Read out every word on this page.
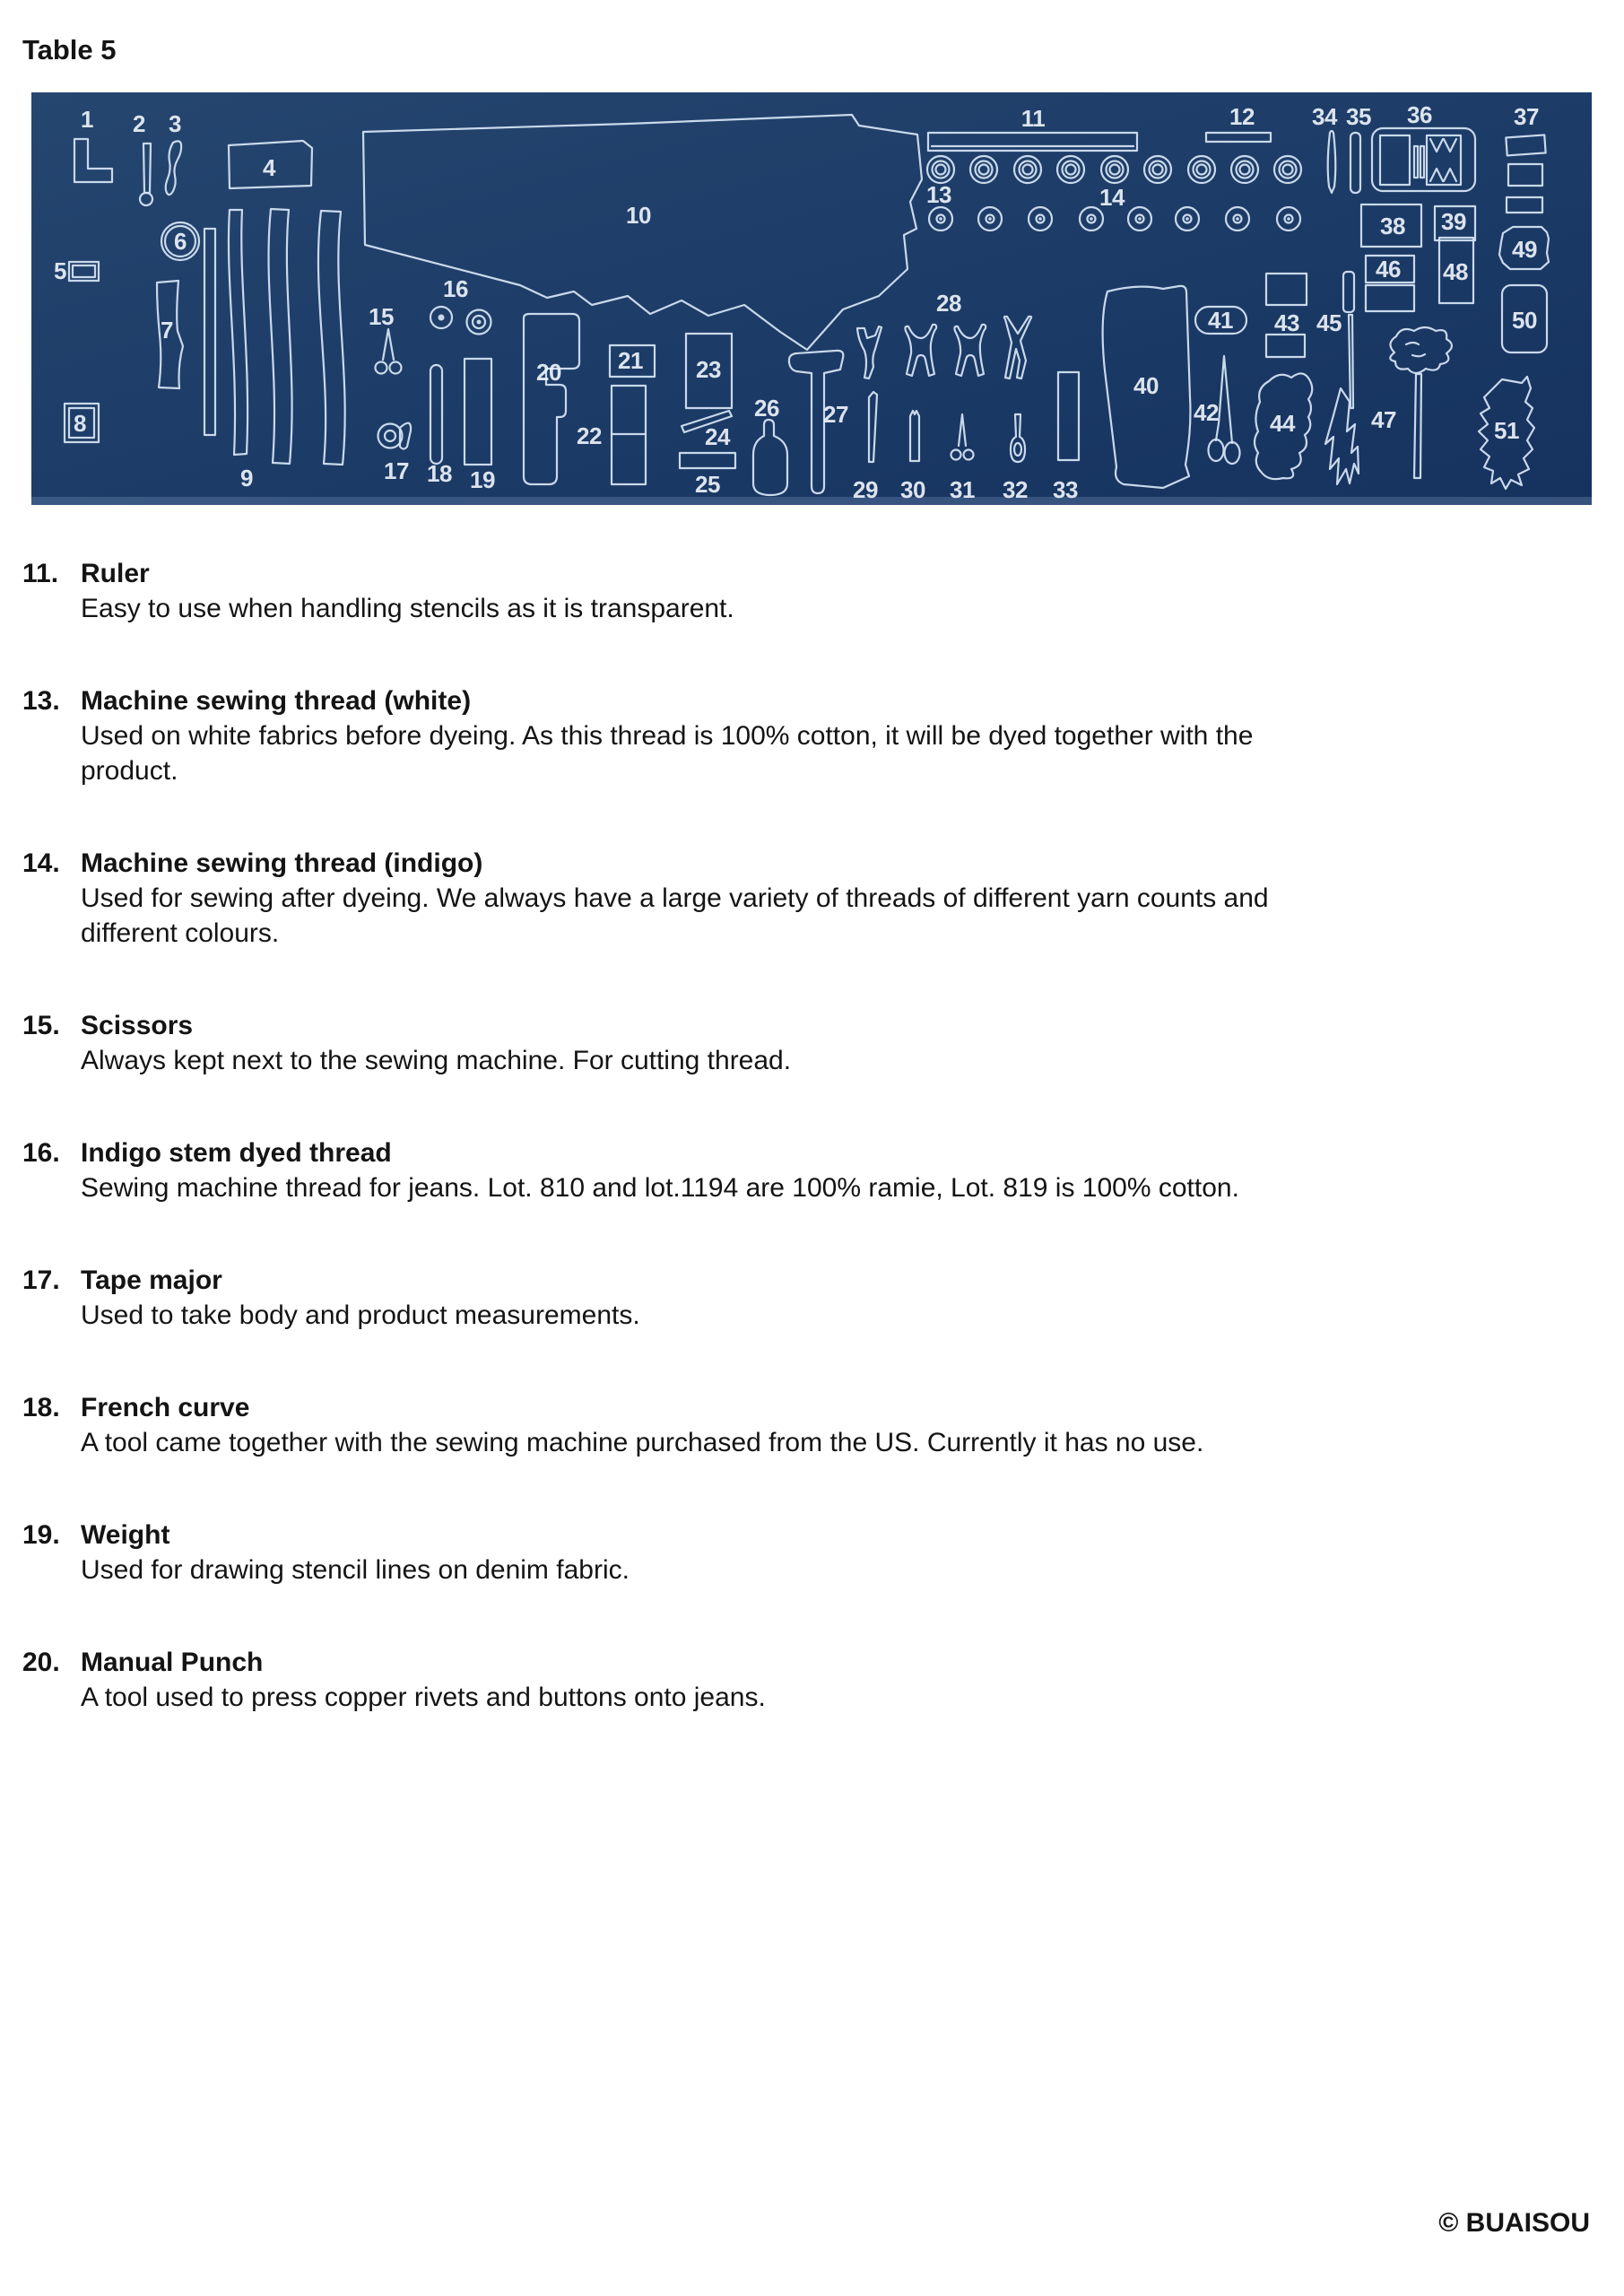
Table 5
1 2 3
4
5
6
7
8
9
10
11	12
13	14
15
16
17 18 19
20 21
22
23
24
25
26 27
28
29 30 31 32 33
34 35 36	37
38 39
40
41
42
43
44
45
46
47
48
49
50
51
11. Ruler
Easy to use when handling stencils as it is transparent.
13. Machine sewing thread (white)
Used on white fabrics before dyeing. As this thread is 100% cotton, it will be dyed together with the product.
14. Machine sewing thread (indigo)
Used for sewing after dyeing. We always have a large variety of threads of different yarn counts and different colours.
15. Scissors
Always kept next to the sewing machine. For cutting thread.
16. Indigo stem dyed thread
Sewing machine thread for jeans. Lot. 810 and lot.1194 are 100% ramie, Lot. 819 is 100% cotton.
17. Tape major
Used to take body and product measurements.
18. French curve
A tool came together with the sewing machine purchased from the US. Currently it has no use.
19. Weight
Used for drawing stencil lines on denim fabric.
20. Manual Punch
A tool used to press copper rivets and buttons onto jeans.
© BUAISOU
